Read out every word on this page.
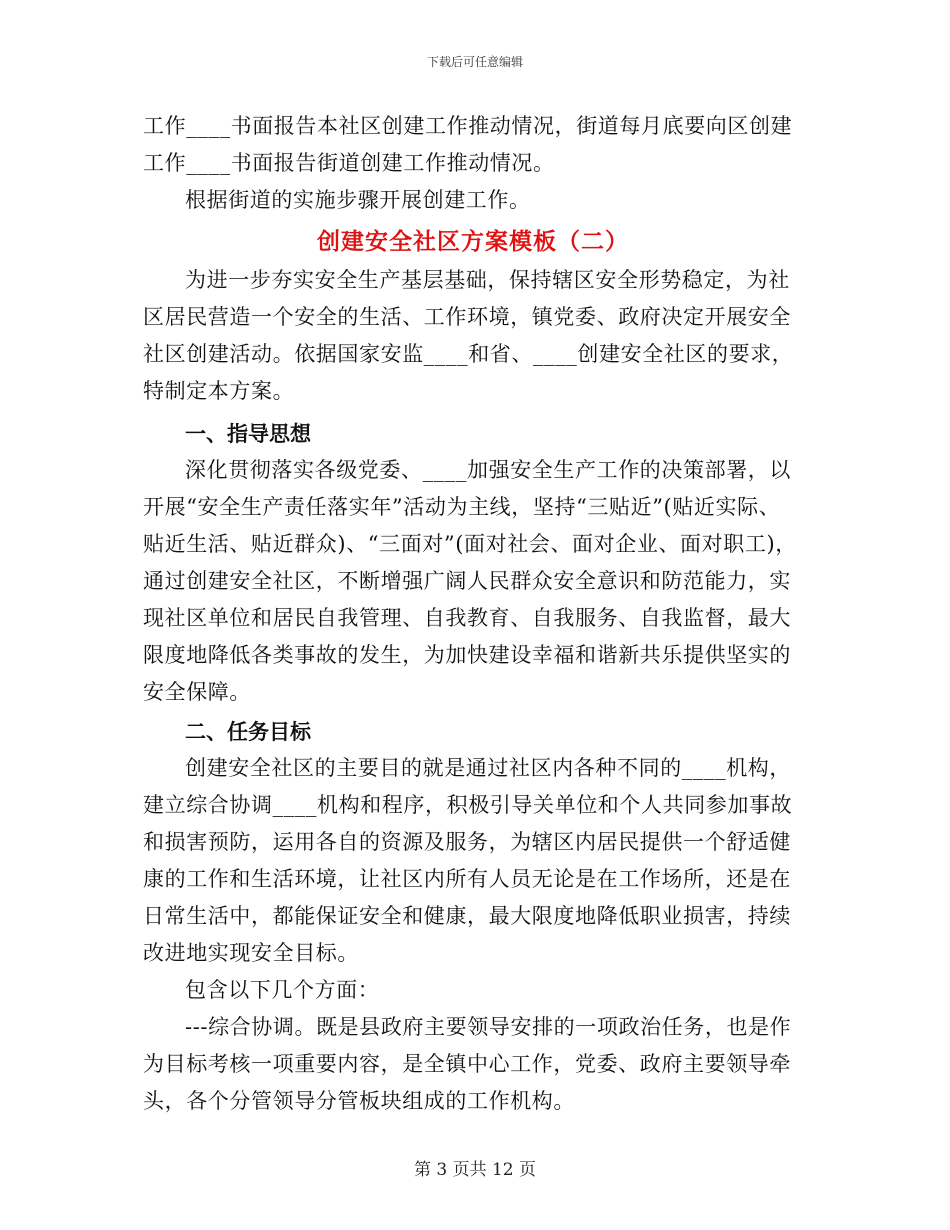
下载后可任意编辑
工作____书面报告本社区创建工作推动情况，街道每月底要向区创建
工作____书面报告街道创建工作推动情况。
根据街道的实施步骤开展创建工作。
创建安全社区方案模板（二）
为进一步夯实安全生产基层基础，保持辖区安全形势稳定，为社
区居民营造一个安全的生活、工作环境，镇党委、政府决定开展安全
社区创建活动。依据国家安监____和省、____创建安全社区的要求，
特制定本方案。
一、指导思想
深化贯彻落实各级党委、____加强安全生产工作的决策部署，以
开展“安全生产责任落实年”活动为主线，坚持“三贴近”(贴近实际、
贴近生活、贴近群众)、“三面对”(面对社会、面对企业、面对职工)，
通过创建安全社区，不断增强广阔人民群众安全意识和防范能力，实
现社区单位和居民自我管理、自我教育、自我服务、自我监督，最大
限度地降低各类事故的发生，为加快建设幸福和谐新共乐提供坚实的
安全保障。
二、任务目标
创建安全社区的主要目的就是通过社区内各种不同的____机构，
建立综合协调____机构和程序，积极引导关单位和个人共同参加事故
和损害预防，运用各自的资源及服务，为辖区内居民提供一个舒适健
康的工作和生活环境，让社区内所有人员无论是在工作场所，还是在
日常生活中，都能保证安全和健康，最大限度地降低职业损害，持续
改进地实现安全目标。
包含以下几个方面：
---综合协调。既是县政府主要领导安排的一项政治任务，也是作
为目标考核一项重要内容，是全镇中心工作，党委、政府主要领导牵
头，各个分管领导分管板块组成的工作机构。
第 3 页共 12 页
